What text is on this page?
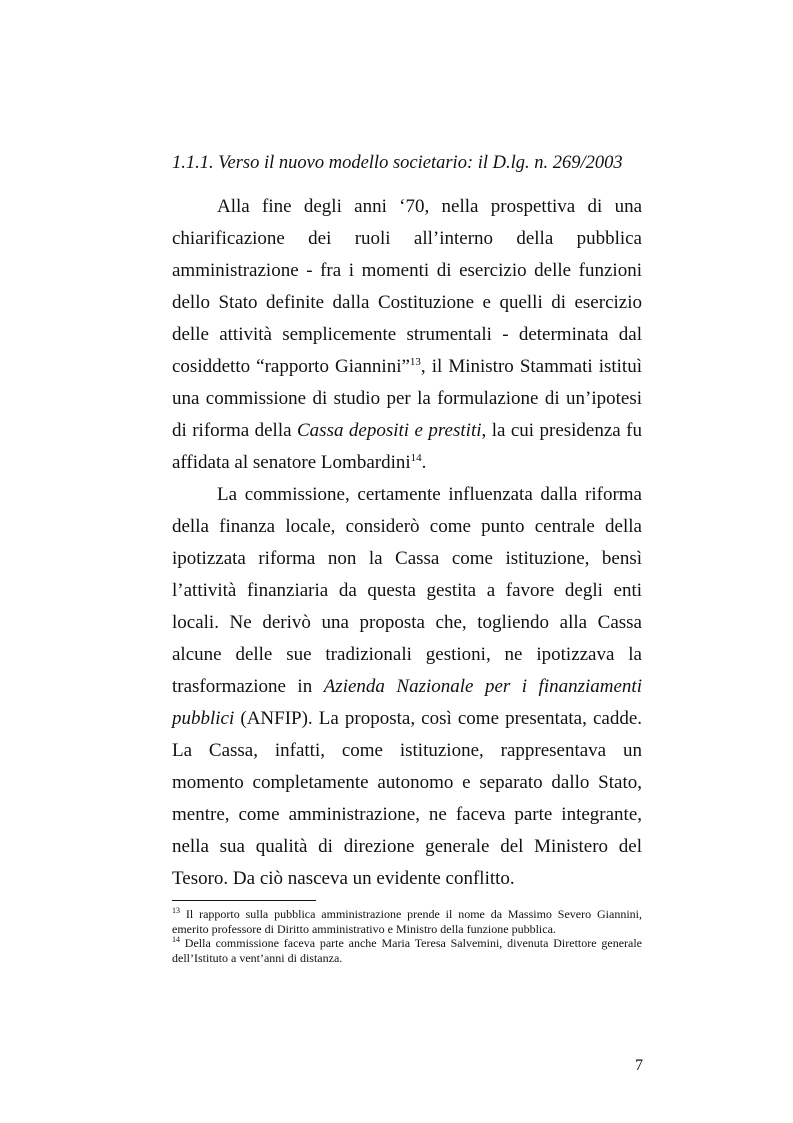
1.1.1. Verso il nuovo modello societario: il D.lg. n. 269/2003

Alla fine degli anni ‘70, nella prospettiva di una chiarificazione dei ruoli all’interno della pubblica amministrazione - fra i momenti di esercizio delle funzioni dello Stato definite dalla Costituzione e quelli di esercizio delle attività semplicemente strumentali - determinata dal cosiddetto “rapporto Giannini”$^{13}$, il Ministro Stammati istituì una commissione di studio per la formulazione di un’ipotesi di riforma della Cassa depositi e prestiti, la cui presidenza fu affidata al senatore Lombardini$^{14}$.

La commissione, certamente influenzata dalla riforma della finanza locale, considerò come punto centrale della ipotizzata riforma non la Cassa come istituzione, bensì l’attività finanziaria da questa gestita a favore degli enti locali. Ne derivò una proposta che, togliendo alla Cassa alcune delle sue tradizionali gestioni, ne ipotizzava la trasformazione in Azienda Nazionale per i finanziamenti pubblici (ANFIP). La proposta, così come presentata, cadde. La Cassa, infatti, come istituzione, rappresentava un momento completamente autonomo e separato dallo Stato, mentre, come amministrazione, ne faceva parte integrante, nella sua qualità di direzione generale del Ministero del Tesoro. Da ciò nasceva un evidente conflitto.

$^{13}$ Il rapporto sulla pubblica amministrazione prende il nome da Massimo Severo Giannini, emerito professore di Diritto amministrativo e Ministro della funzione pubblica.

$^{14}$ Della commissione faceva parte anche Maria Teresa Salvemini, divenuta Direttore generale dell’Istituto a vent’anni di distanza.

7
